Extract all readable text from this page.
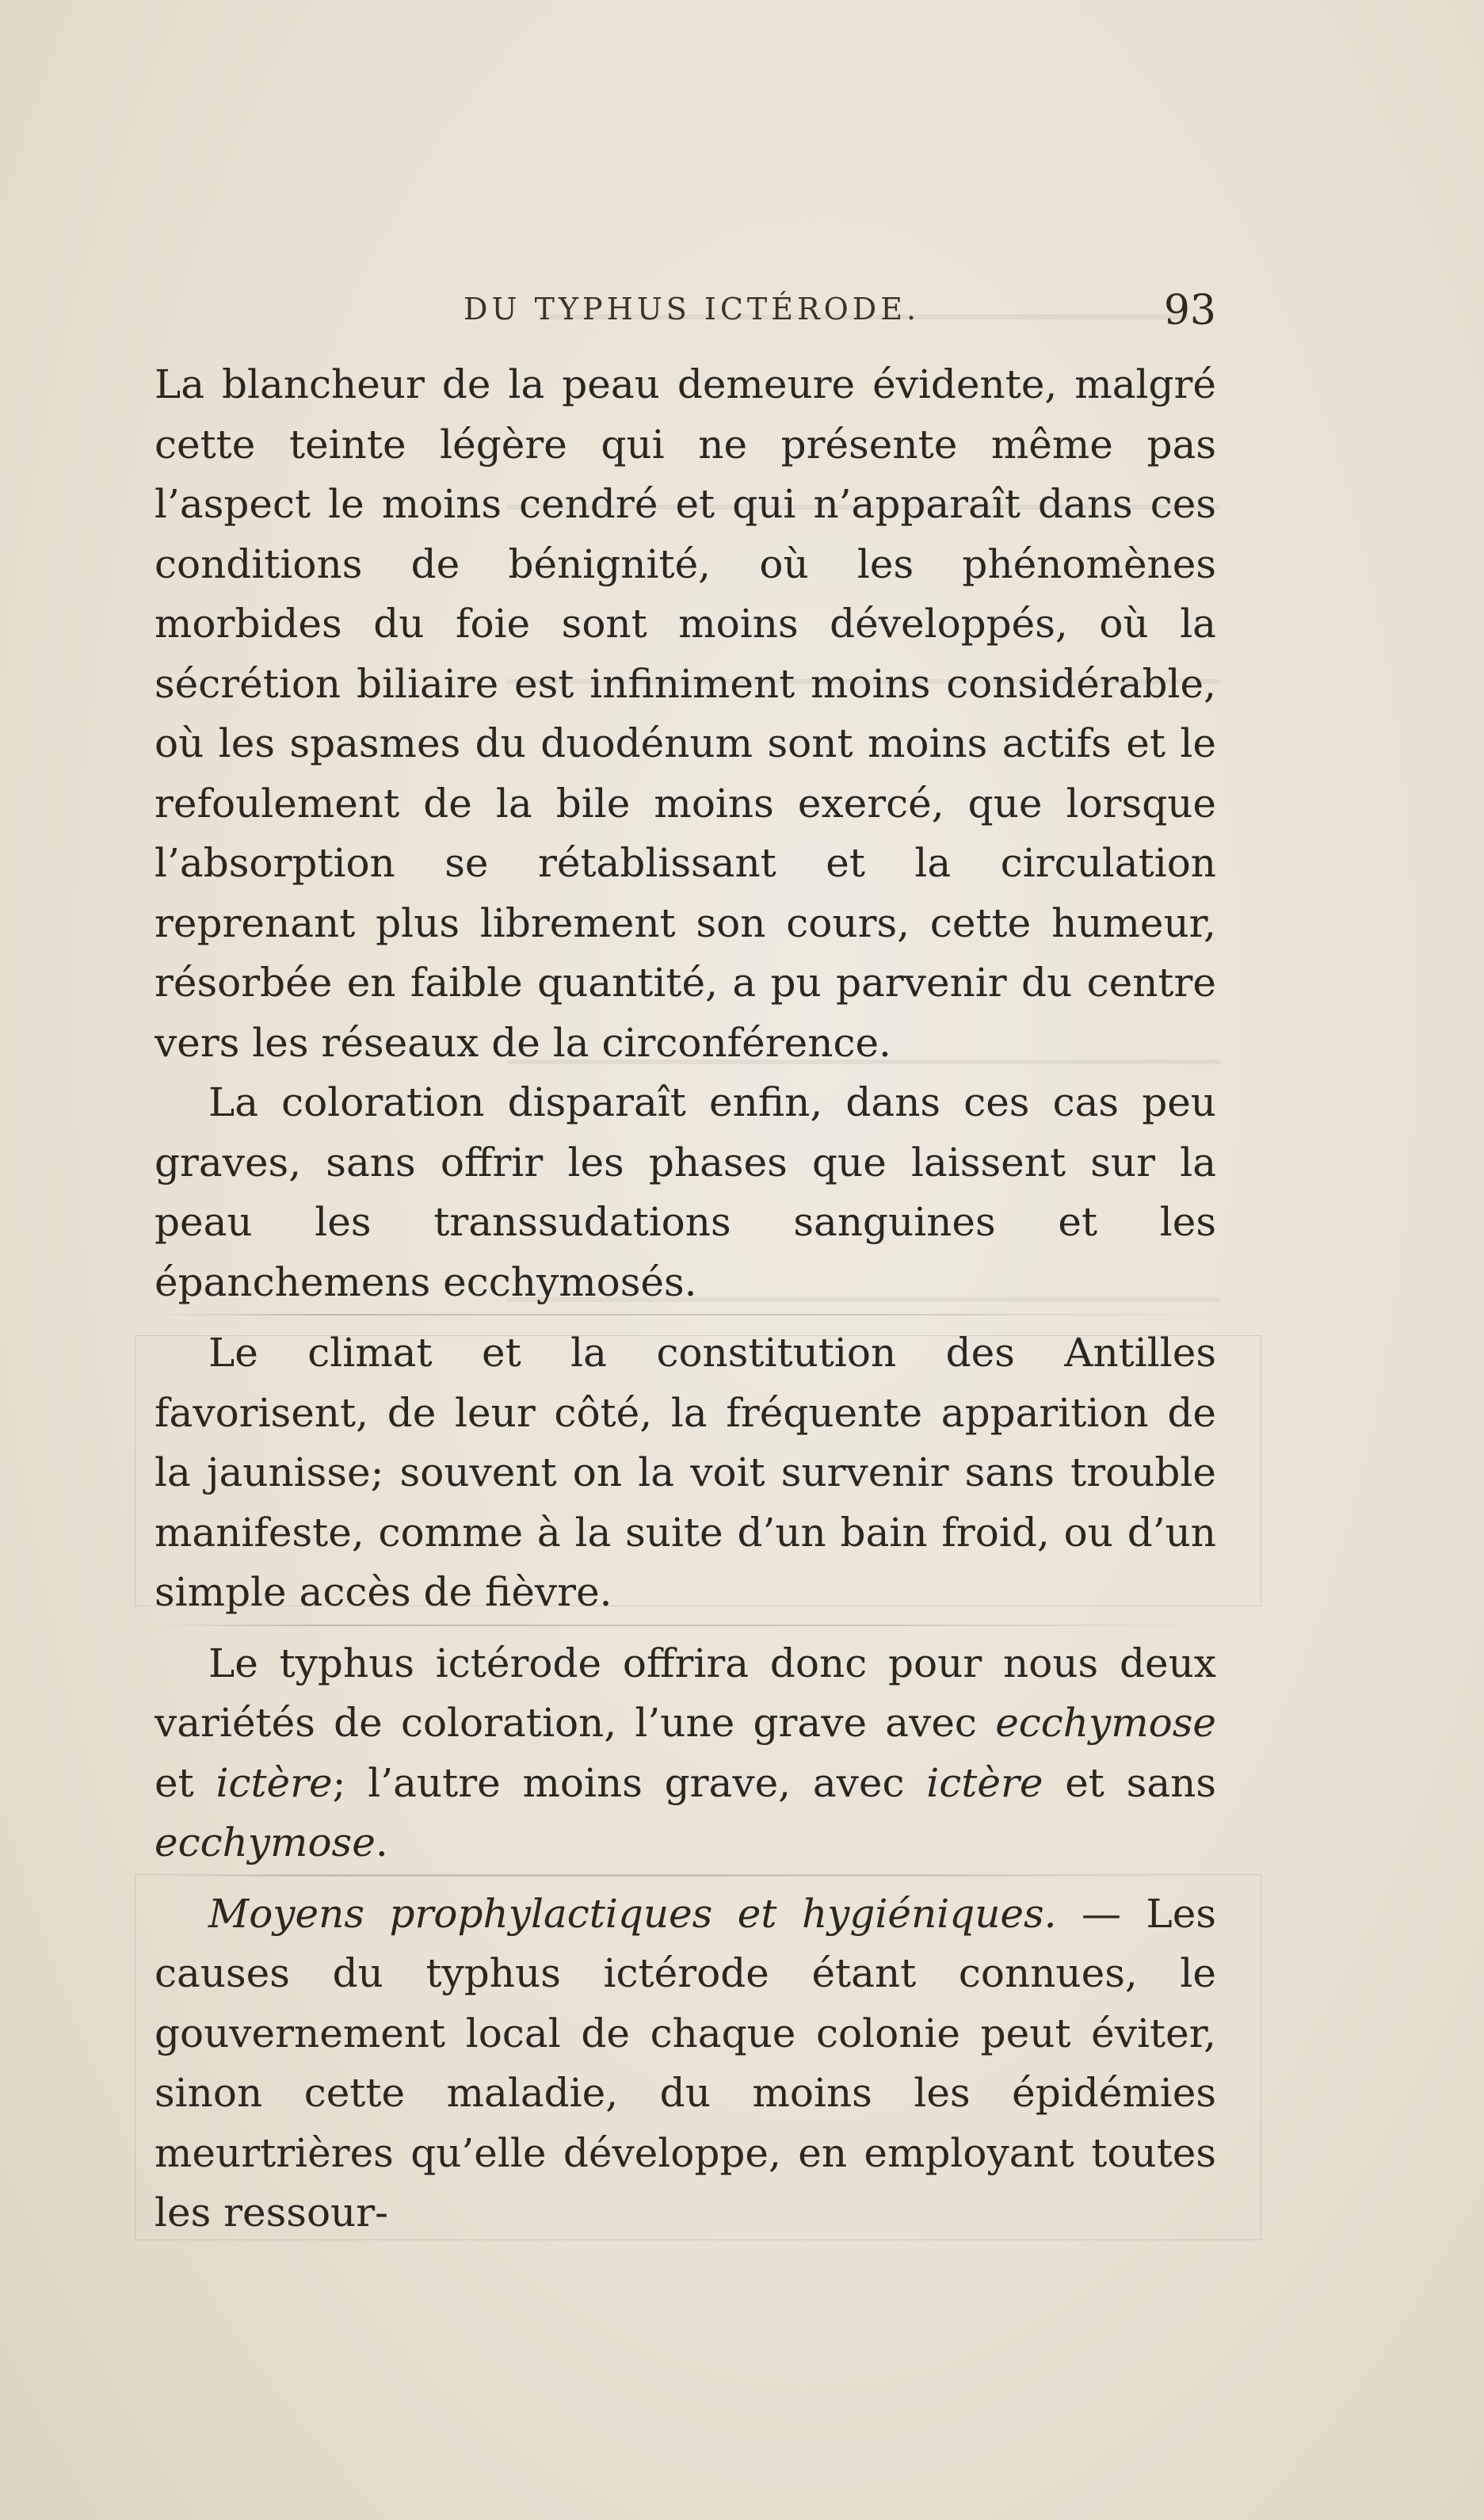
DU TYPHUS ICTÉRODE.	93

La blancheur de la peau demeure évidente, malgré cette teinte légère qui ne présente même pas l’aspect le moins cendré et qui n’apparaît dans ces conditions de bénignité, où les phénomènes morbides du foie sont moins développés, où la sécrétion biliaire est infiniment moins considérable, où les spasmes du duodénum sont moins actifs et le refoulement de la bile moins exercé, que lorsque l’absorption se rétablissant et la circulation reprenant plus librement son cours, cette humeur, résorbée en faible quantité, a pu parvenir du centre vers les réseaux de la circonférence.

La coloration disparaît enfin, dans ces cas peu graves, sans offrir les phases que laissent sur la peau les transsudations sanguines et les épanchemens ecchymosés.

Le climat et la constitution des Antilles favorisent, de leur côté, la fréquente apparition de la jaunisse; souvent on la voit survenir sans trouble manifeste, comme à la suite d’un bain froid, ou d’un simple accès de fièvre.

Le typhus ictérode offrira donc pour nous deux variétés de coloration, l’une grave avec ecchymose et ictère; l’autre moins grave, avec ictère et sans ecchymose.

Moyens prophylactiques et hygiéniques. — Les causes du typhus ictérode étant connues, le gouvernement local de chaque colonie peut éviter, sinon cette maladie, du moins les épidémies meurtrières qu’elle développe, en employant toutes les ressour-
